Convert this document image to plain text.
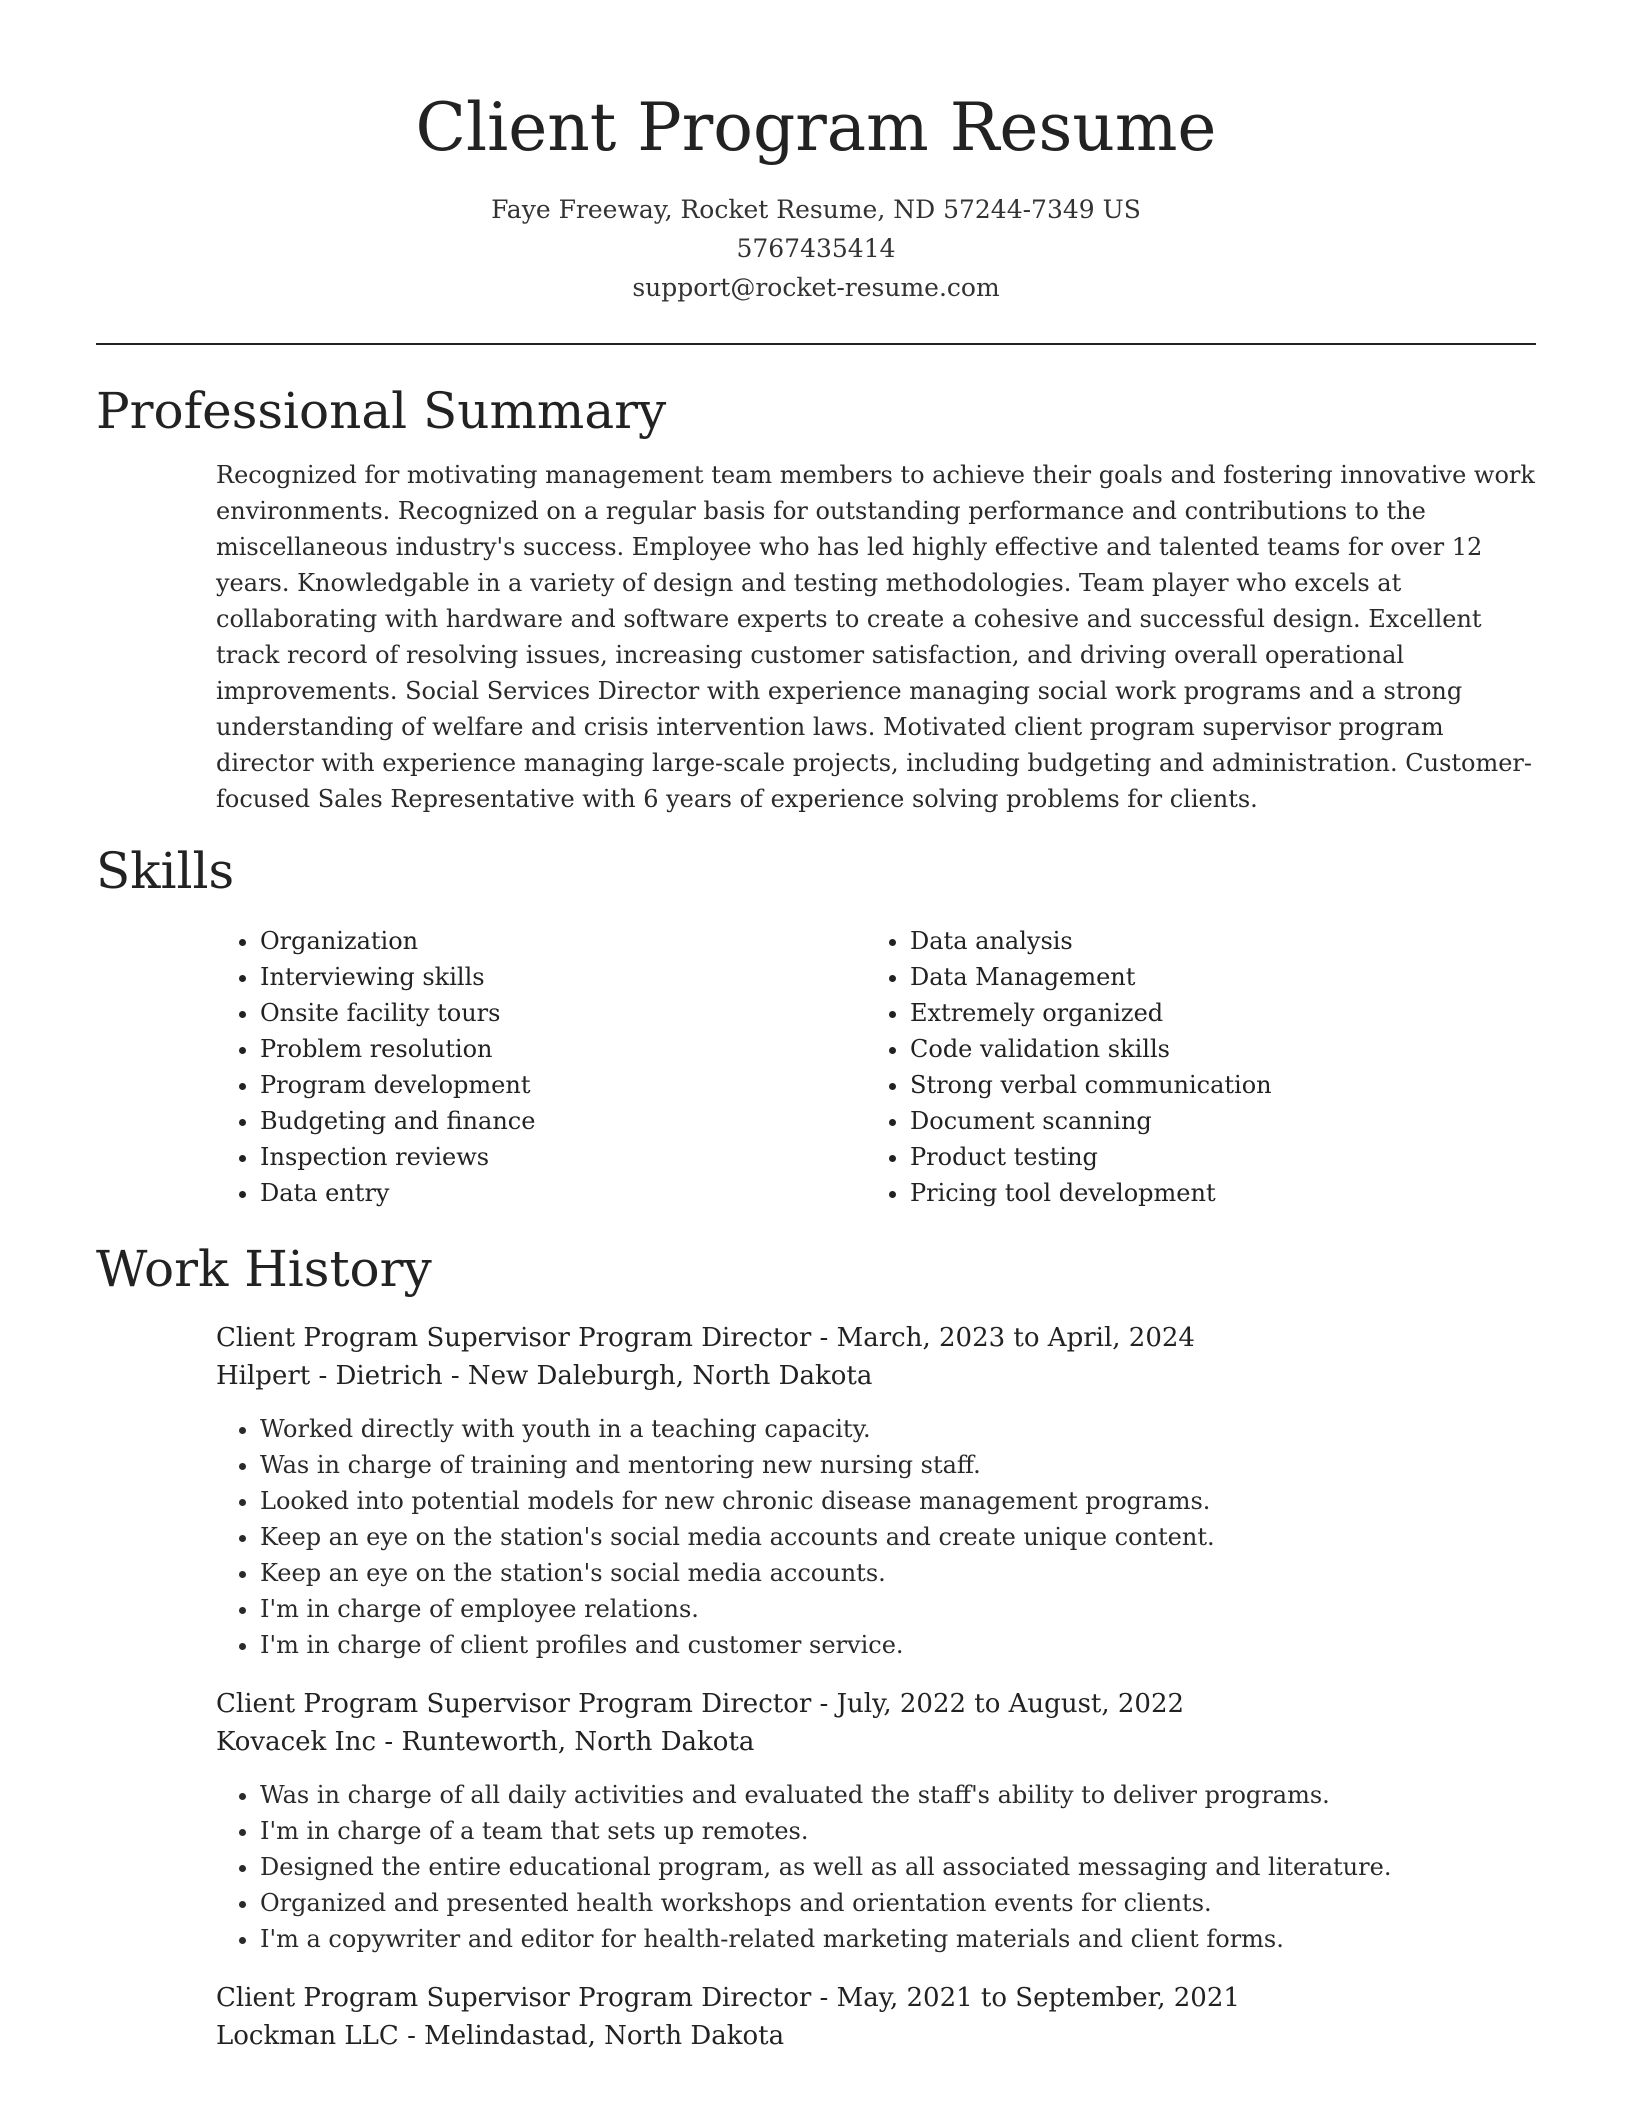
Client Program Resume
Faye Freeway, Rocket Resume, ND 57244-7349 US
5767435414
support@rocket-resume.com
Professional Summary

Recognized for motivating management team members to achieve their goals and fostering innovative work environments. Recognized on a regular basis for outstanding performance and contributions to the miscellaneous industry's success. Employee who has led highly effective and talented teams for over 12 years. Knowledgable in a variety of design and testing methodologies. Team player who excels at collaborating with hardware and software experts to create a cohesive and successful design. Excellent track record of resolving issues, increasing customer satisfaction, and driving overall operational improvements. Social Services Director with experience managing social work programs and a strong understanding of welfare and crisis intervention laws. Motivated client program supervisor program director with experience managing large-scale projects, including budgeting and administration. Customer-focused Sales Representative with 6 years of experience solving problems for clients.

Skills
• Organization
• Interviewing skills
• Onsite facility tours
• Problem resolution
• Program development
• Budgeting and finance
• Inspection reviews
• Data entry
• Data analysis
• Data Management
• Extremely organized
• Code validation skills
• Strong verbal communication
• Document scanning
• Product testing
• Pricing tool development
Work History
Client Program Supervisor Program Director - March, 2023 to April, 2024
Hilpert - Dietrich - New Daleburgh, North Dakota
• Worked directly with youth in a teaching capacity.
• Was in charge of training and mentoring new nursing staff.
• Looked into potential models for new chronic disease management programs.
• Keep an eye on the station's social media accounts and create unique content.
• Keep an eye on the station's social media accounts.
• I'm in charge of employee relations.
• I'm in charge of client profiles and customer service.
Client Program Supervisor Program Director - July, 2022 to August, 2022
Kovacek Inc - Runteworth, North Dakota
• Was in charge of all daily activities and evaluated the staff's ability to deliver programs.
• I'm in charge of a team that sets up remotes.
• Designed the entire educational program, as well as all associated messaging and literature.
• Organized and presented health workshops and orientation events for clients.
• I'm a copywriter and editor for health-related marketing materials and client forms.
Client Program Supervisor Program Director - May, 2021 to September, 2021
Lockman LLC - Melindastad, North Dakota
